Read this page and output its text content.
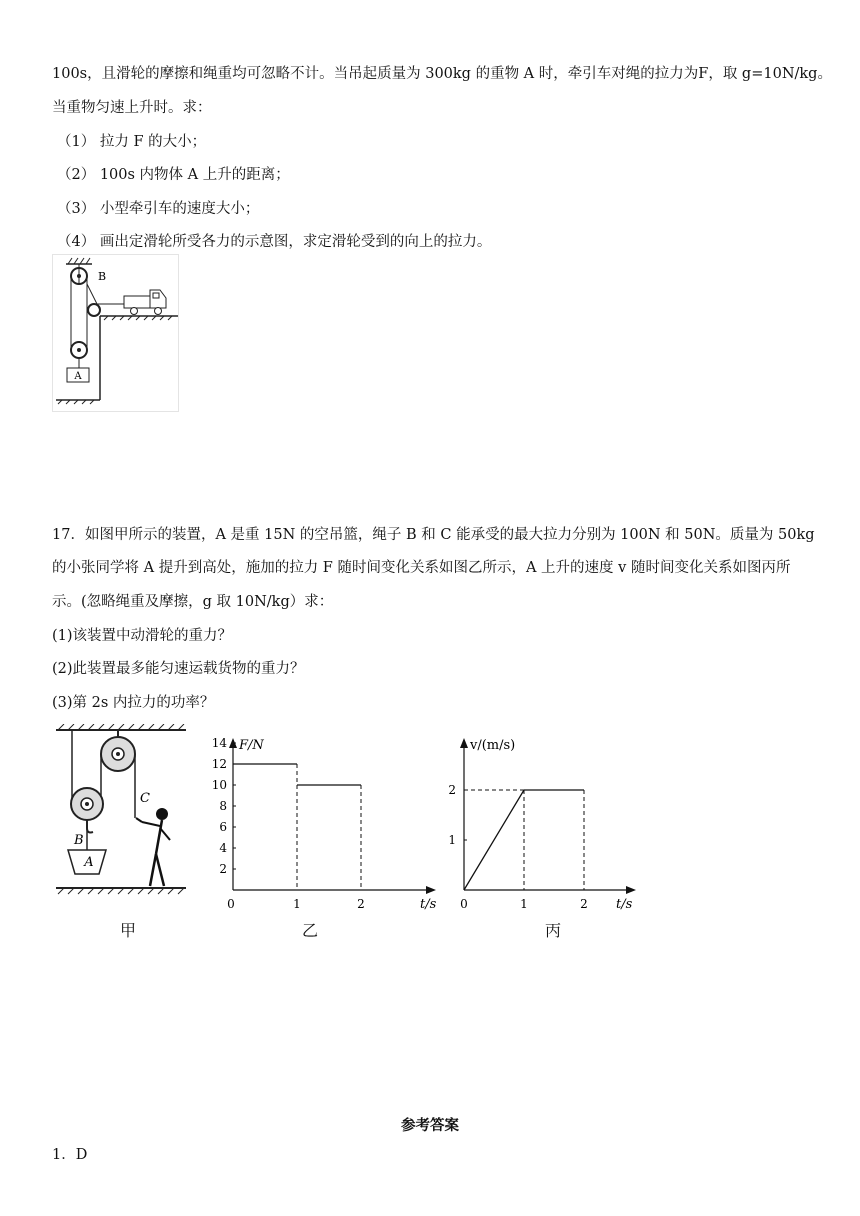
100s，且滑轮的摩擦和绳重均可忽略不计。当吊起质量为 300kg 的重物 A 时，牵引车对绳的拉力为F，取 g=10N/kg。
当重物匀速上升时。求：
（1） 拉力 F 的大小；
（2） 100s 内物体 A 上升的距离；
（3） 小型牵引车的速度大小；
（4） 画出定滑轮所受各力的示意图，求定滑轮受到的向上的拉力。
A
B
17．如图甲所示的装置，A 是重 15N 的空吊篮，绳子 B 和 C 能承受的最大拉力分别为 100N 和 50N。质量为 50kg
的小张同学将 A 提升到高处，施加的拉力 F 随时间变化关系如图乙所示，A 上升的速度 v 随时间变化关系如图丙所
示。(忽略绳重及摩擦，g 取 10N/kg）求：
(1)该装置中动滑轮的重力？
(2)此装置最多能匀速运载货物的重力？
(3)第 2s 内拉力的功率？
A
B
C
甲
F/N
t/s
14
12
10
8
6
4
2
0	1	2
乙
v/(m/s)
t/s
2
1
0	1	2
丙
参考答案
1．D
